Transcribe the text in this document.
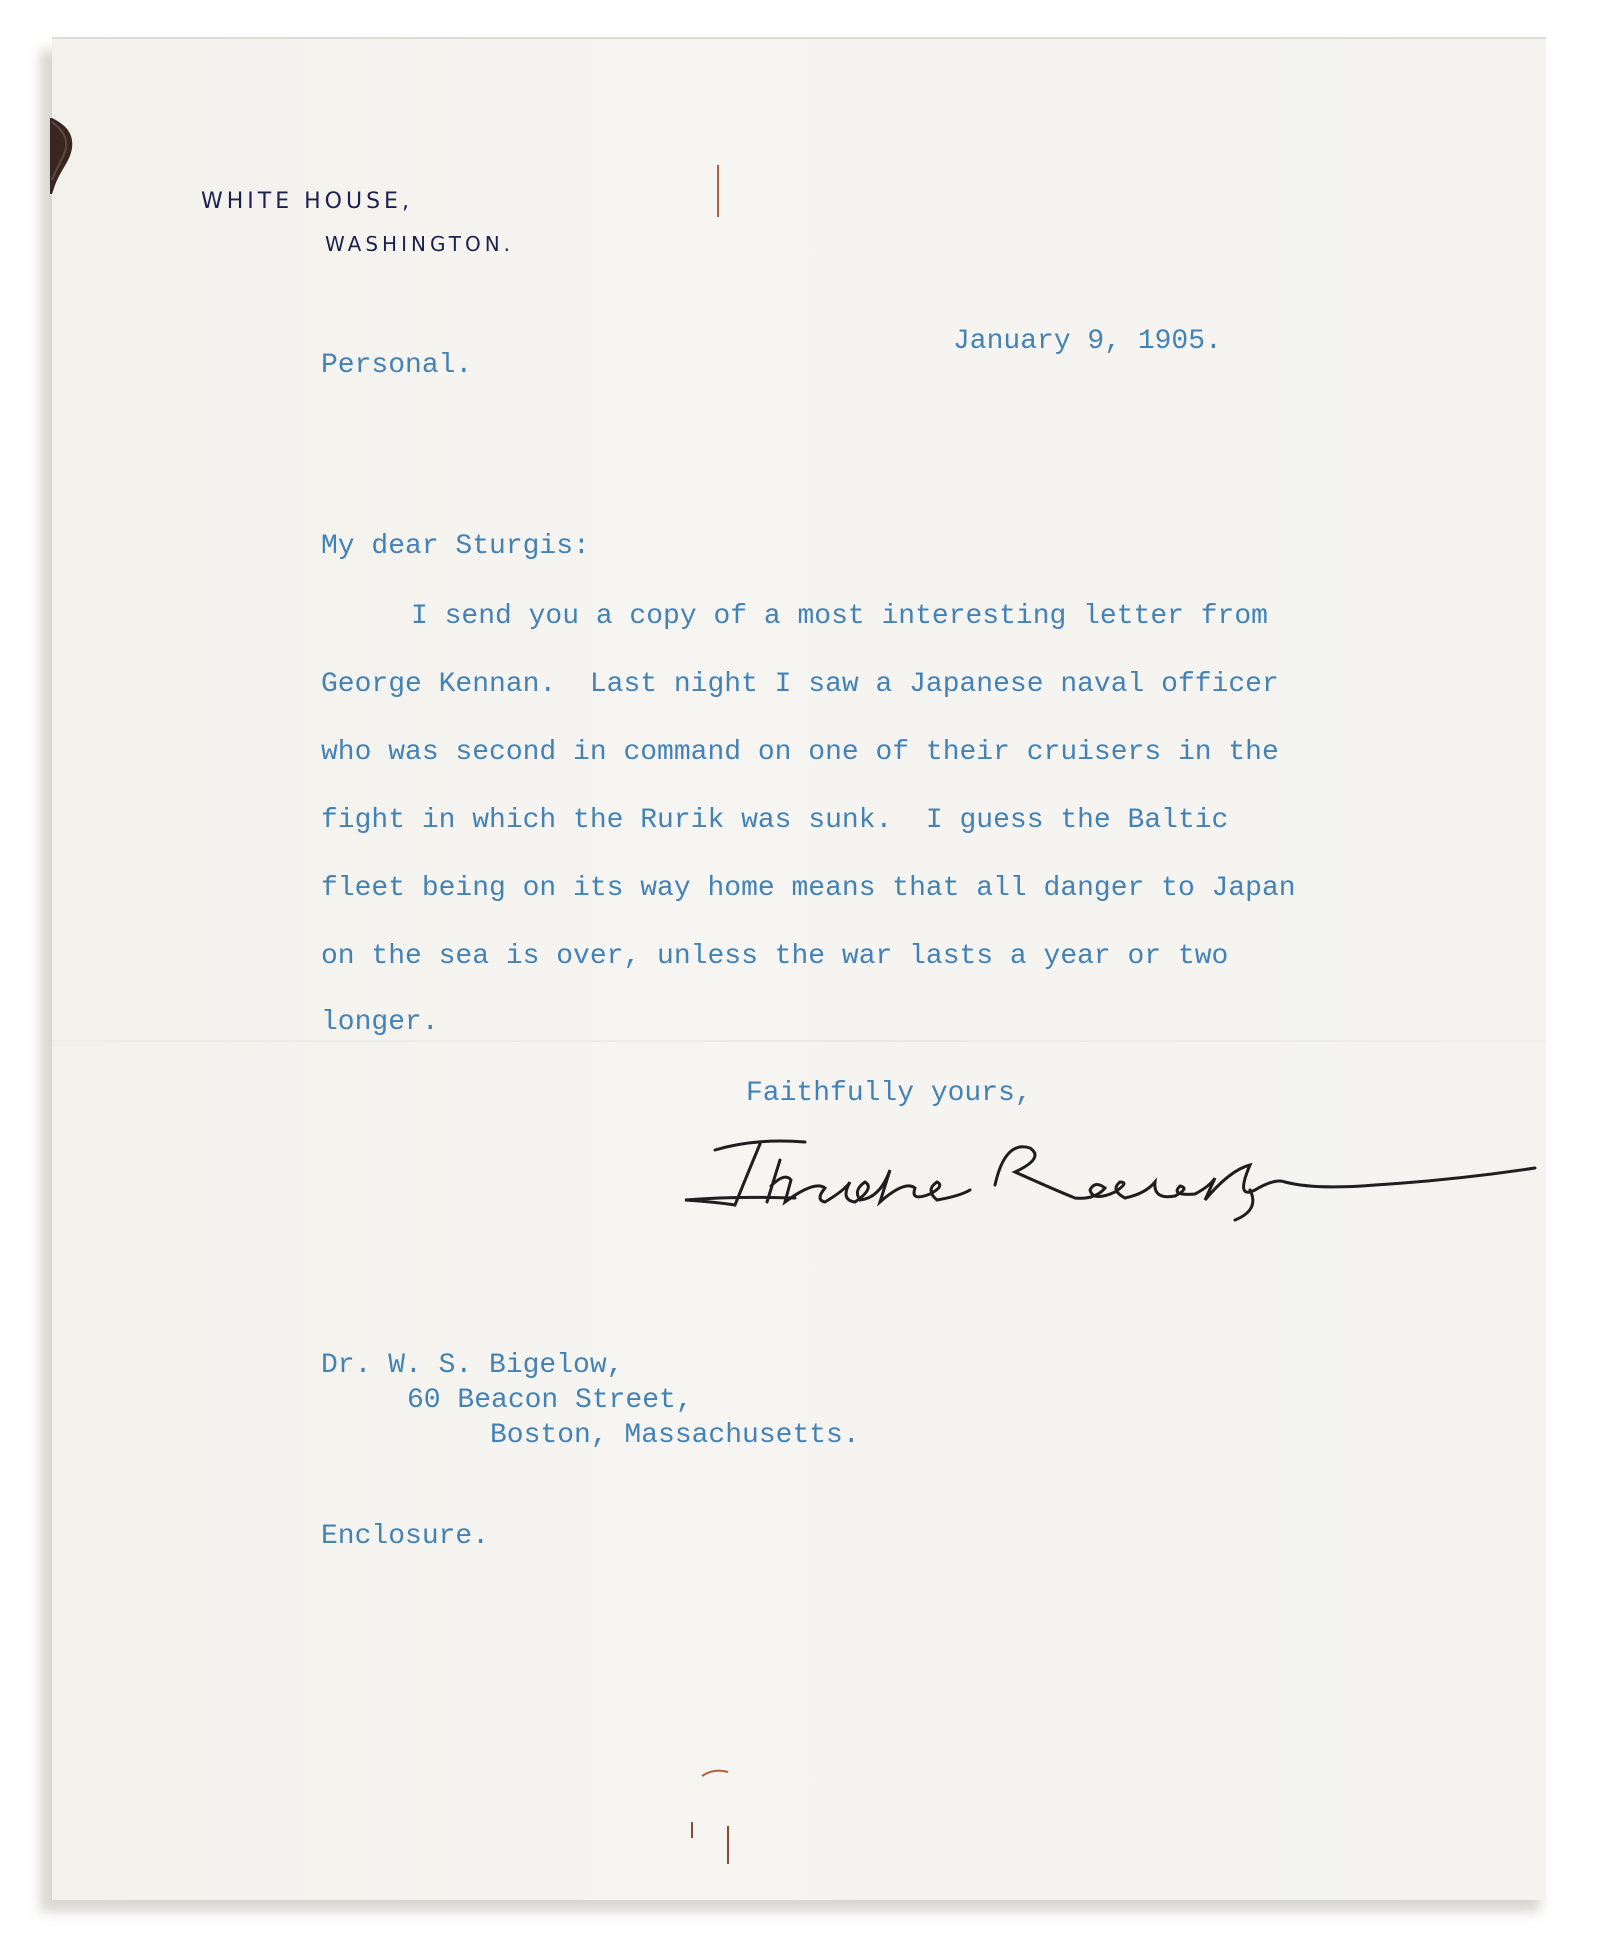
WHITE HOUSE,
WASHINGTON.
January 9, 1905.
Personal.
My dear Sturgis:
I send you a copy of a most interesting letter from
George Kennan.  Last night I saw a Japanese naval officer
who was second in command on one of their cruisers in the
fight in which the Rurik was sunk.  I guess the Baltic
fleet being on its way home means that all danger to Japan
on the sea is over, unless the war lasts a year or two
longer.
Faithfully yours,
Dr. W. S. Bigelow,
60 Beacon Street,
Boston, Massachusetts.
Enclosure.
